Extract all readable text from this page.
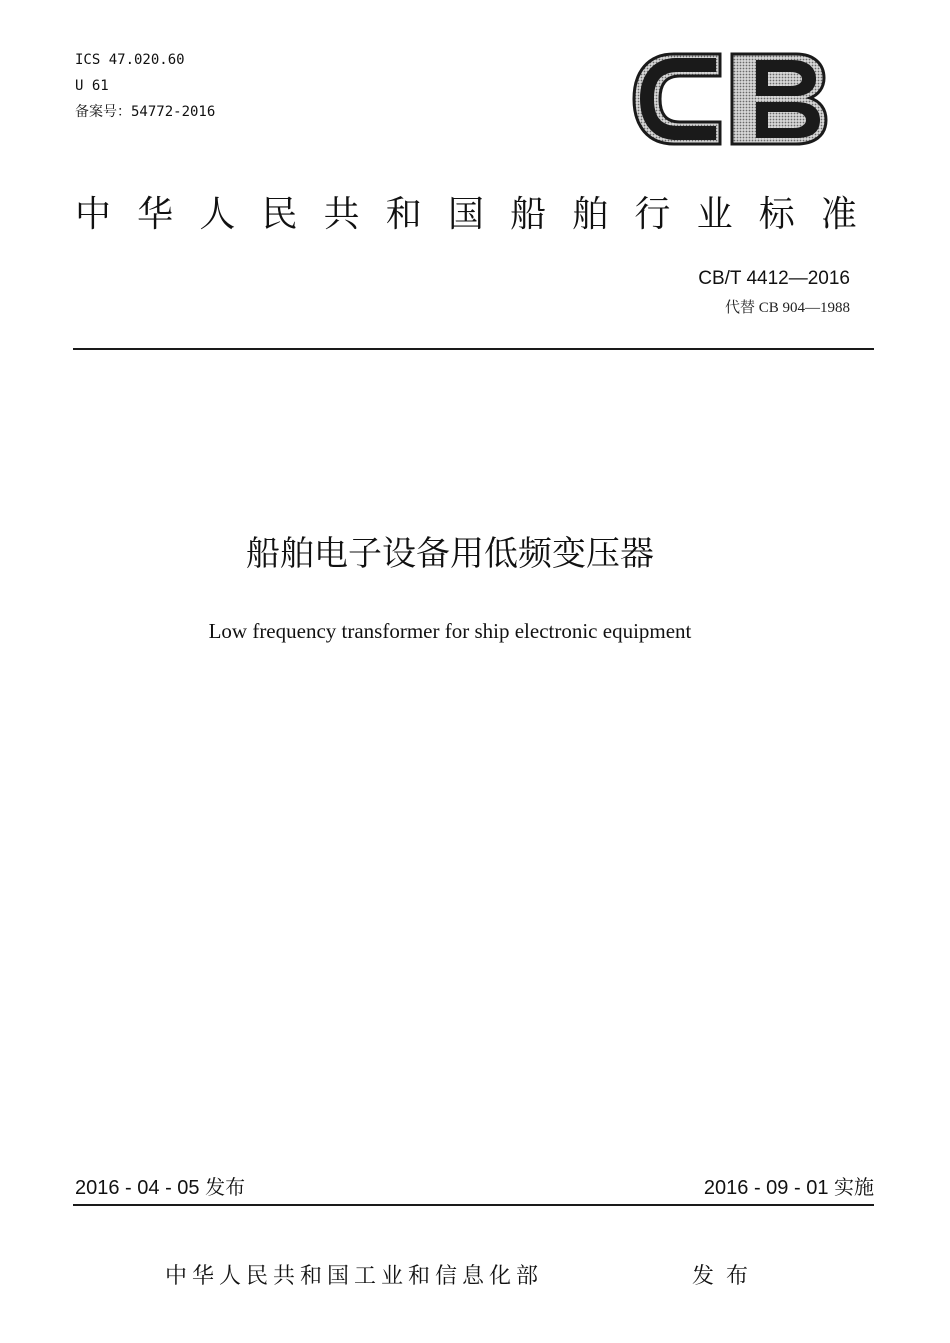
ICS 47.020.60
U 61
备案号：54772-2016
中 华 人 民 共 和 国 船 舶 行 业 标 准
CB/T 4412—2016
代替 CB 904—1988
船舶电子设备用低频变压器
Low frequency transformer for ship electronic equipment
2016 - 04 - 05 发布	2016 - 09 - 01 实施
中华人民共和国工业和信息化部	发布
